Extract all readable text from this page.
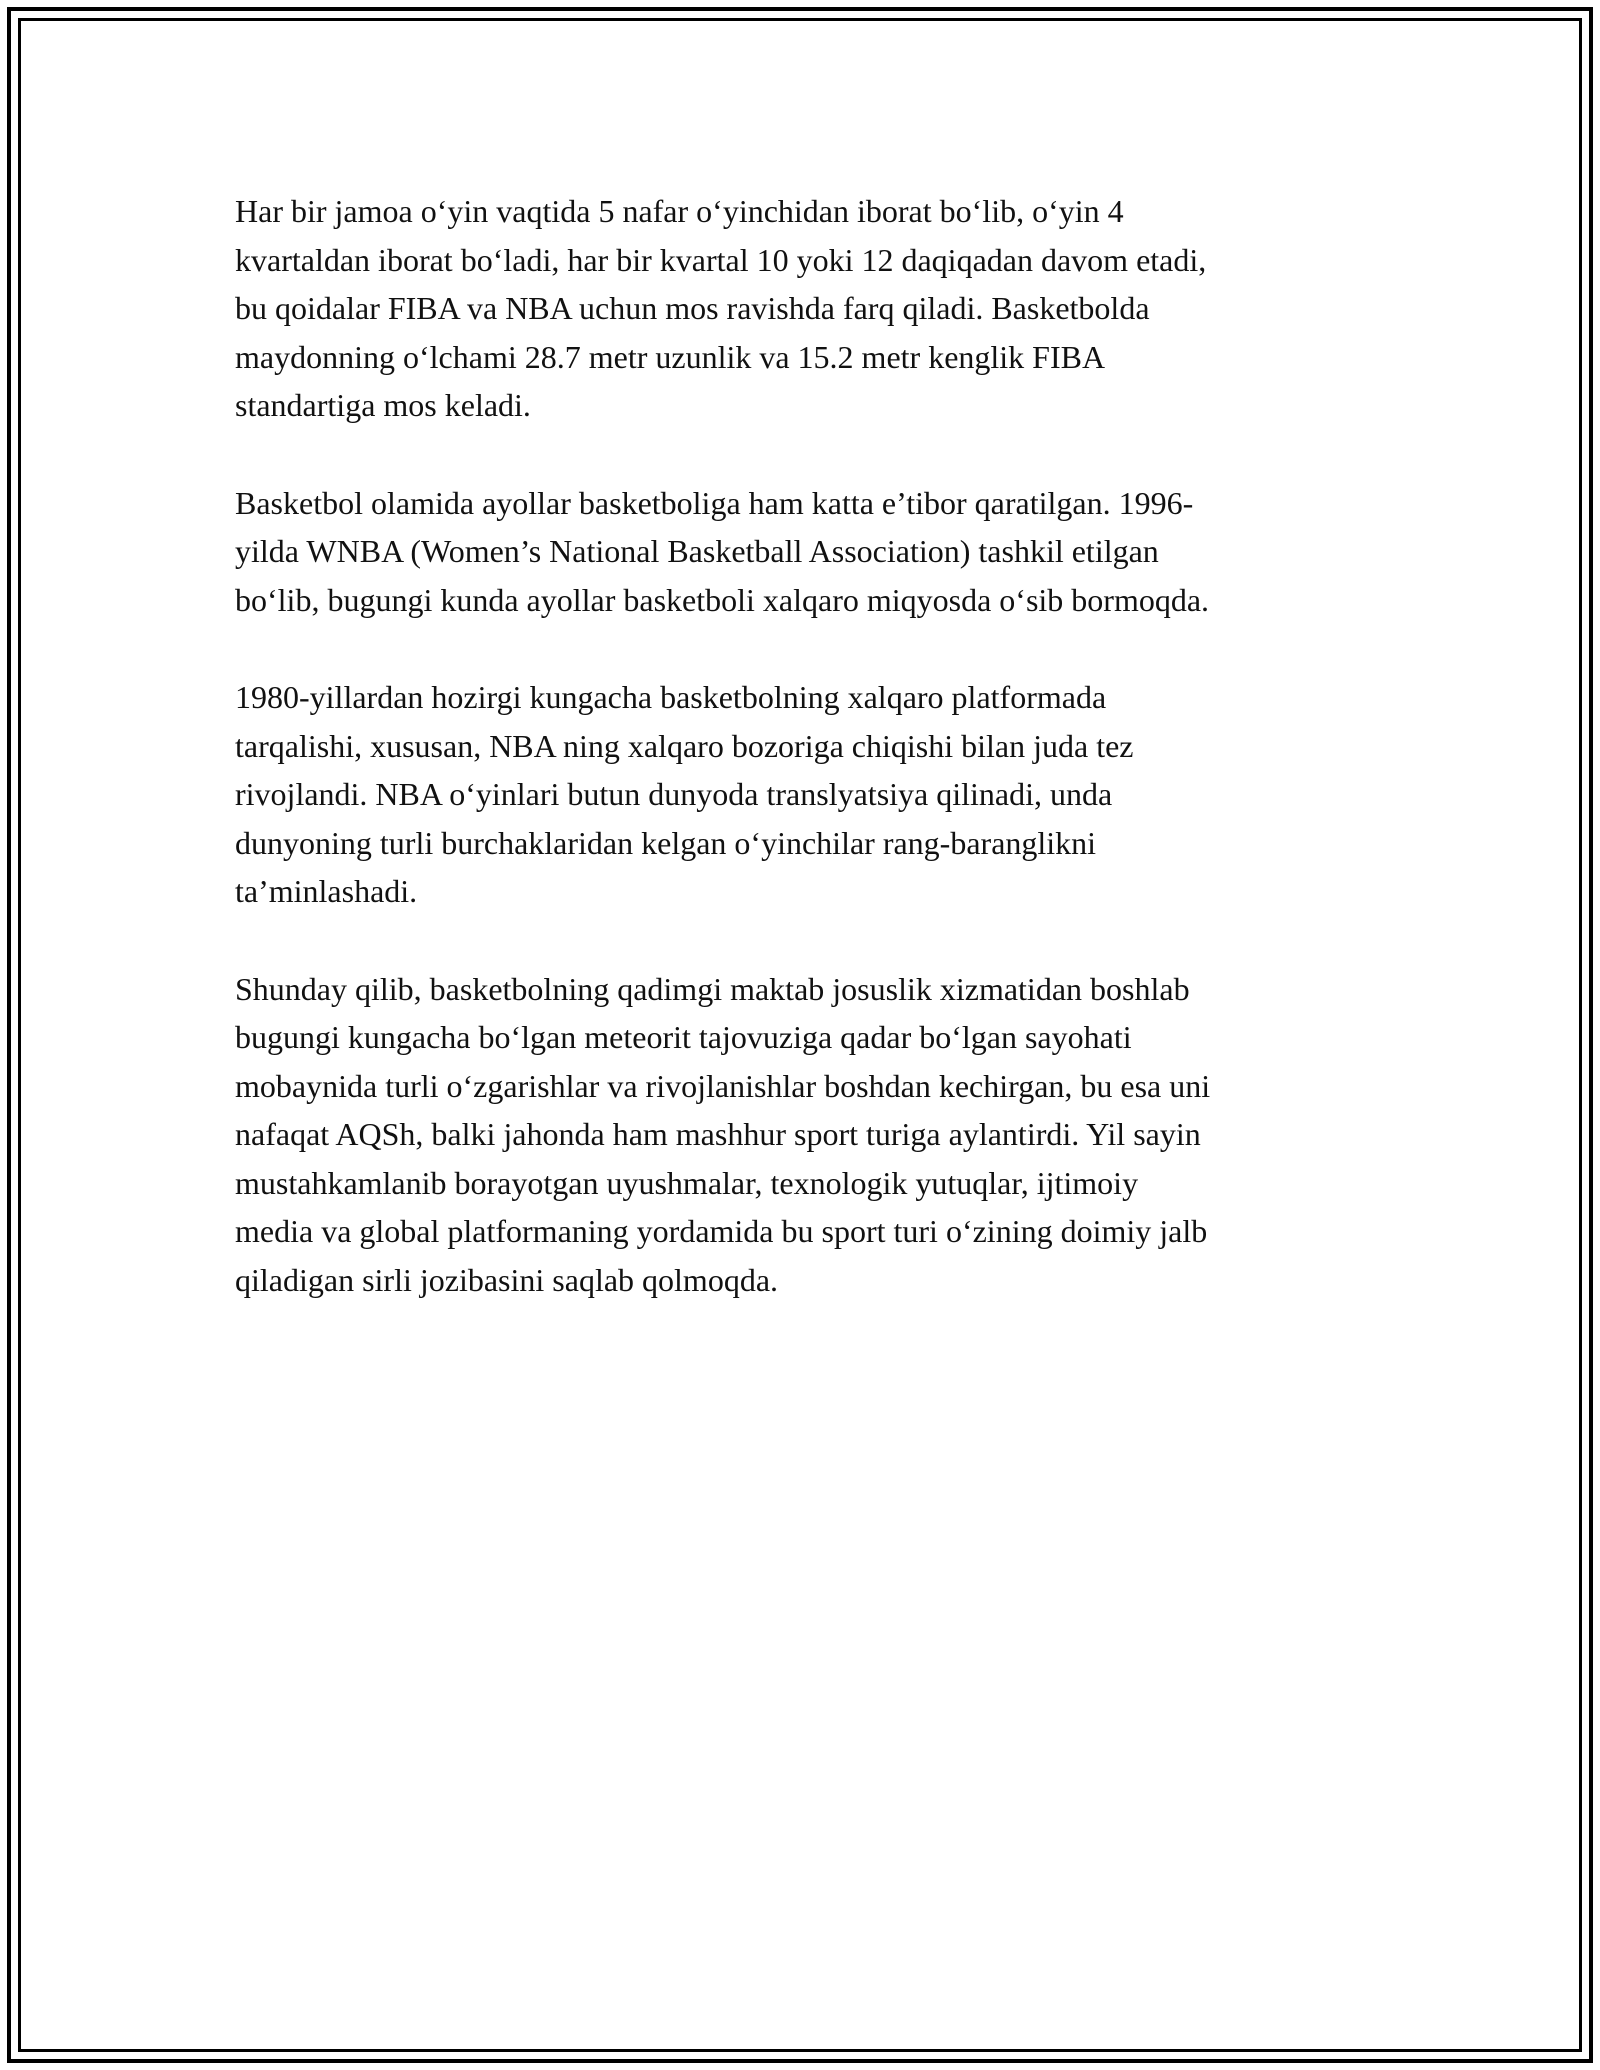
Har bir jamoa o‘yin vaqtida 5 nafar o‘yinchidan iborat bo‘lib, o‘yin 4
kvartaldan iborat bo‘ladi, har bir kvartal 10 yoki 12 daqiqadan davom etadi,
bu qoidalar FIBA va NBA uchun mos ravishda farq qiladi. Basketbolda
maydonning o‘lchami 28.7 metr uzunlik va 15.2 metr kenglik FIBA
standartiga mos keladi.

Basketbol olamida ayollar basketboliga ham katta e’tibor qaratilgan. 1996-
yilda WNBA (Women’s National Basketball Association) tashkil etilgan
bo‘lib, bugungi kunda ayollar basketboli xalqaro miqyosda o‘sib bormoqda.

1980-yillardan hozirgi kungacha basketbolning xalqaro platformada
tarqalishi, xususan, NBA ning xalqaro bozoriga chiqishi bilan juda tez
rivojlandi. NBA o‘yinlari butun dunyoda translyatsiya qilinadi, unda
dunyoning turli burchaklaridan kelgan o‘yinchilar rang-baranglikni
ta’minlashadi.

Shunday qilib, basketbolning qadimgi maktab josuslik xizmatidan boshlab
bugungi kungacha bo‘lgan meteorit tajovuziga qadar bo‘lgan sayohati
mobaynida turli o‘zgarishlar va rivojlanishlar boshdan kechirgan, bu esa uni
nafaqat AQSh, balki jahonda ham mashhur sport turiga aylantirdi. Yil sayin
mustahkamlanib borayotgan uyushmalar, texnologik yutuqlar, ijtimoiy
media va global platformaning yordamida bu sport turi o‘zining doimiy jalb
qiladigan sirli jozibasini saqlab qolmoqda.
